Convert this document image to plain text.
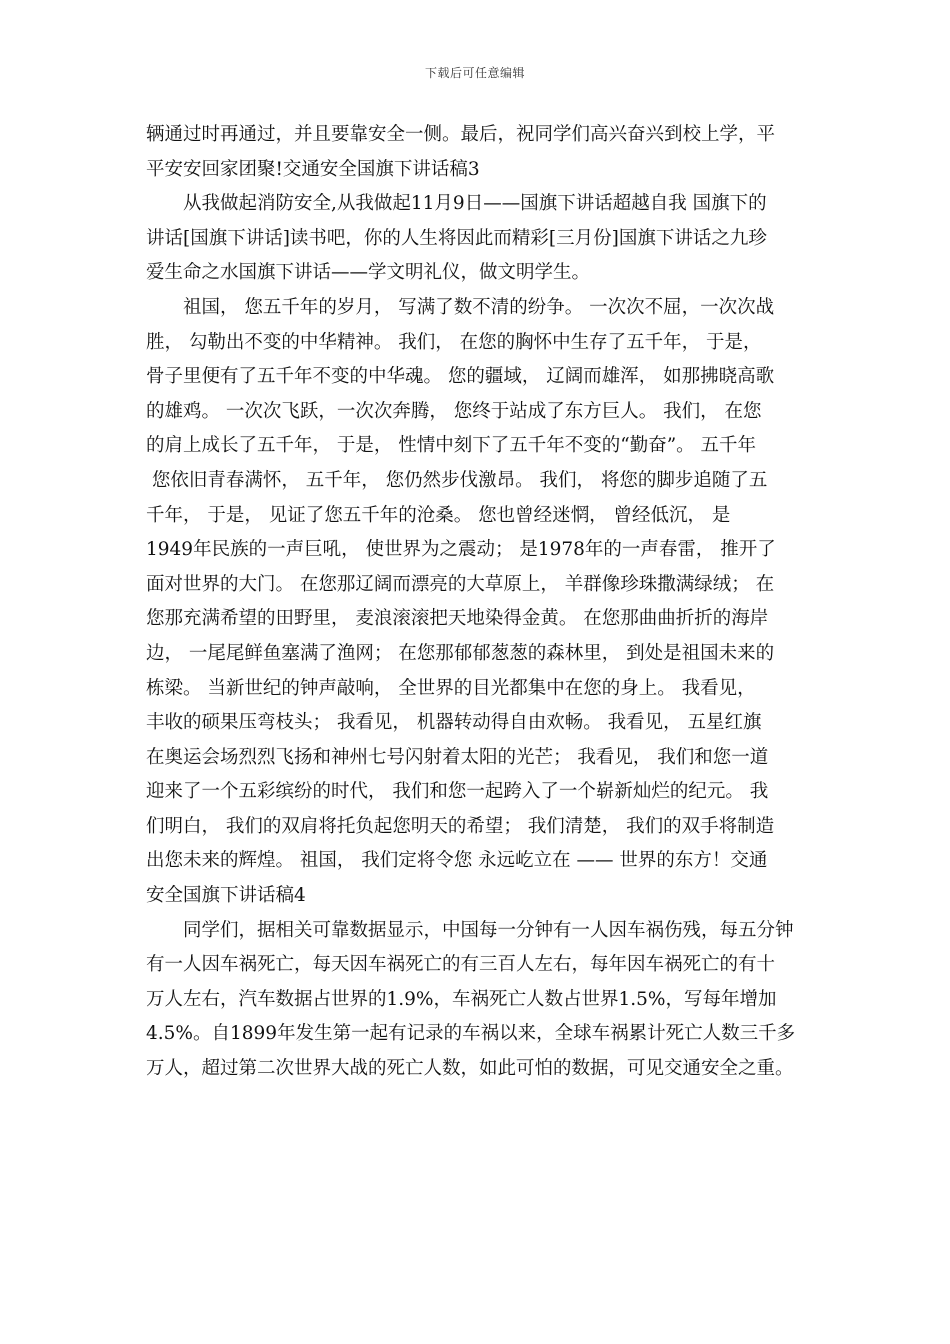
下载后可任意编辑
辆通过时再通过，并且要靠安全一侧。最后，祝同学们高兴奋兴到校上学，平
平安安回家团聚!交通安全国旗下讲话稿3
　　从我做起消防安全,从我做起11月9日——国旗下讲话超越自我 国旗下的
讲话[国旗下讲话]读书吧，你的人生将因此而精彩[三月份]国旗下讲话之九珍
爱生命之水国旗下讲话——学文明礼仪，做文明学生。
　　祖国， 您五千年的岁月， 写满了数不清的纷争。 一次次不屈，一次次战
胜， 勾勒出不变的中华精神。 我们， 在您的胸怀中生存了五千年， 于是，
骨子里便有了五千年不变的中华魂。 您的疆域， 辽阔而雄浑， 如那拂晓高歌
的雄鸡。 一次次飞跃，一次次奔腾， 您终于站成了东方巨人。 我们， 在您
的肩上成长了五千年， 于是， 性情中刻下了五千年不变的“勤奋”。 五千年
您依旧青春满怀， 五千年， 您仍然步伐激昂。 我们， 将您的脚步追随了五
千年， 于是， 见证了您五千年的沧桑。 您也曾经迷惘， 曾经低沉， 是
1949年民族的一声巨吼， 使世界为之震动； 是1978年的一声春雷， 推开了
面对世界的大门。 在您那辽阔而漂亮的大草原上， 羊群像珍珠撒满绿绒； 在
您那充满希望的田野里， 麦浪滚滚把天地染得金黄。 在您那曲曲折折的海岸
边， 一尾尾鲜鱼塞满了渔网； 在您那郁郁葱葱的森林里， 到处是祖国未来的
栋梁。 当新世纪的钟声敲响， 全世界的目光都集中在您的身上。 我看见，
丰收的硕果压弯枝头； 我看见， 机器转动得自由欢畅。 我看见， 五星红旗
在奥运会场烈烈飞扬和神州七号闪射着太阳的光芒； 我看见， 我们和您一道
迎来了一个五彩缤纷的时代， 我们和您一起跨入了一个崭新灿烂的纪元。 我
们明白， 我们的双肩将托负起您明天的希望； 我们清楚， 我们的双手将制造
出您未来的辉煌。 祖国， 我们定将令您 永远屹立在 —— 世界的东方！交通
安全国旗下讲话稿4
　　同学们，据相关可靠数据显示，中国每一分钟有一人因车祸伤残，每五分钟
有一人因车祸死亡，每天因车祸死亡的有三百人左右，每年因车祸死亡的有十
万人左右，汽车数据占世界的1.9%，车祸死亡人数占世界1.5%，写每年增加
4.5%。自1899年发生第一起有记录的车祸以来，全球车祸累计死亡人数三千多
万人，超过第二次世界大战的死亡人数，如此可怕的数据，可见交通安全之重。
